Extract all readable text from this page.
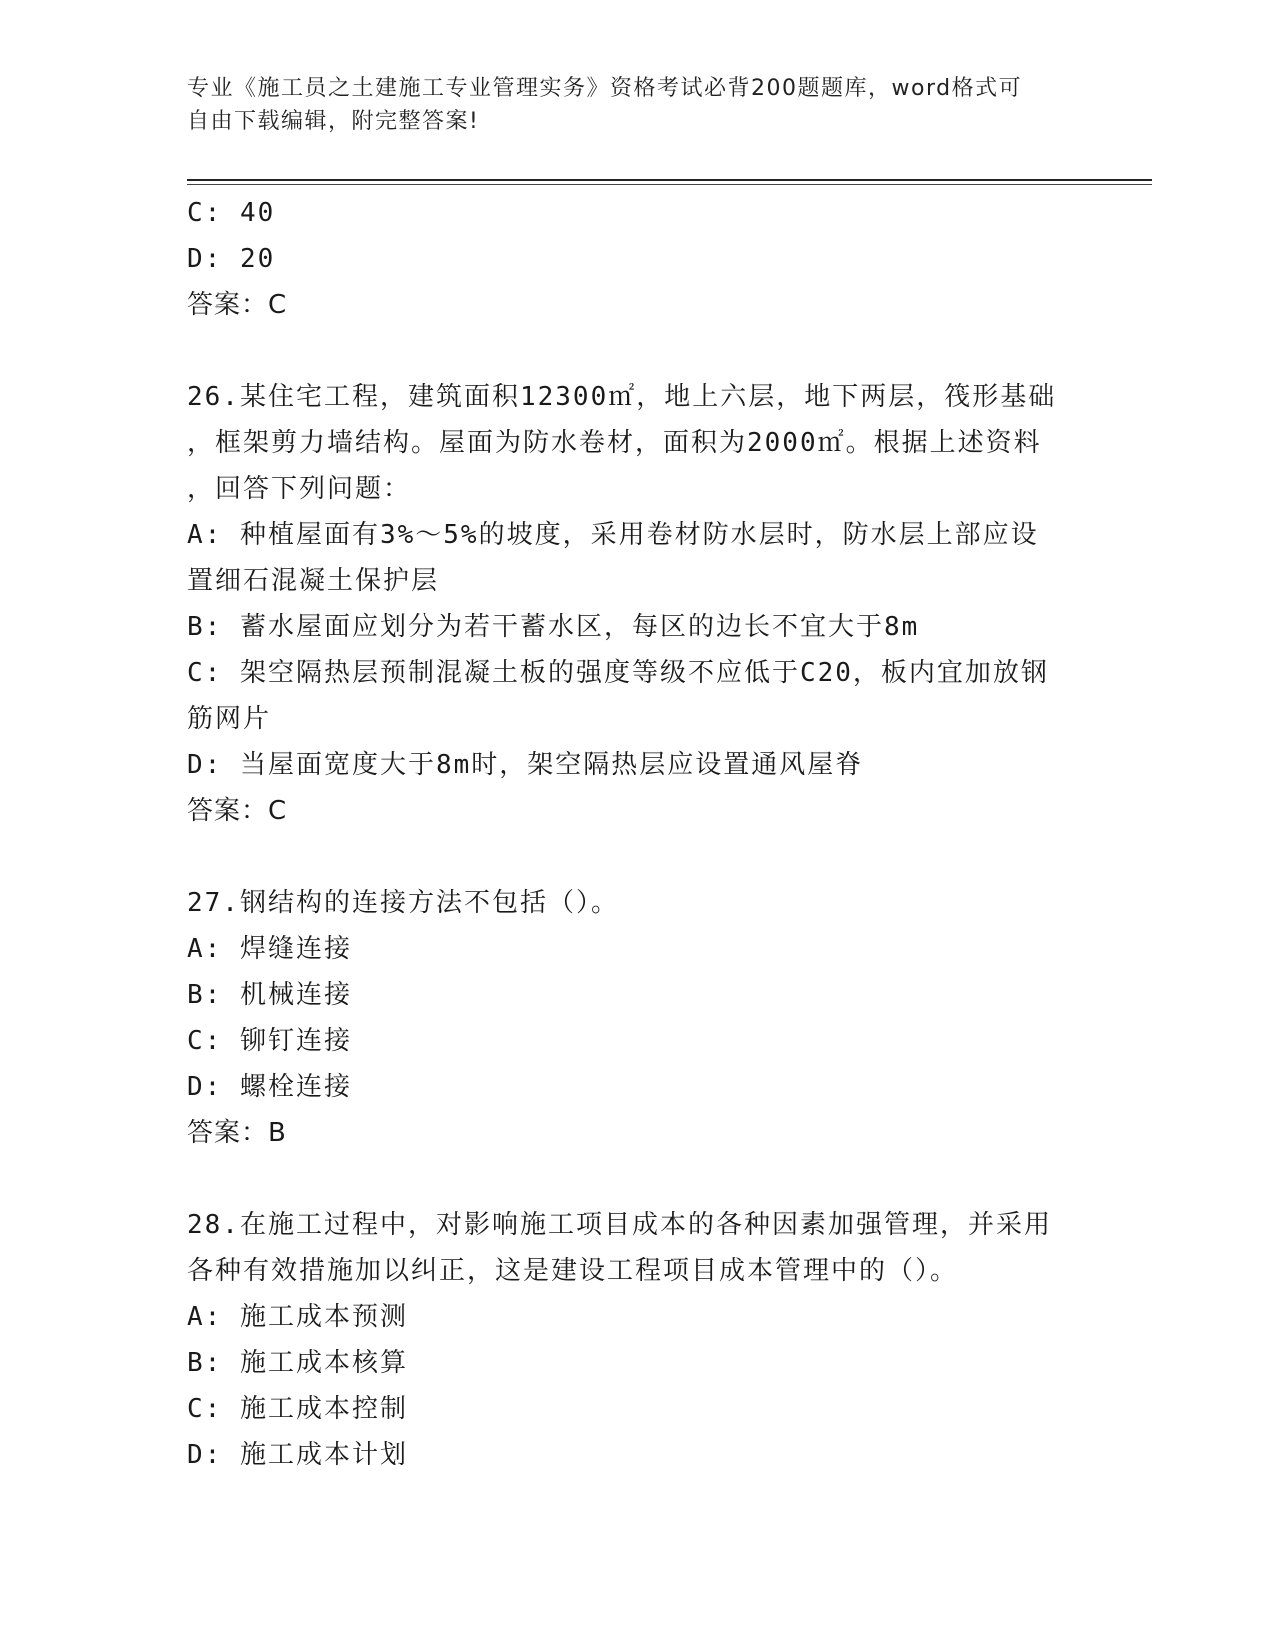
专业《施工员之土建施工专业管理实务》资格考试必背200题题库，word格式可
自由下载编辑，附完整答案!
C: 40
D: 20
答案：C
26.某住宅工程，建筑面积12300㎡，地上六层，地下两层，筏形基础
，框架剪力墙结构。屋面为防水卷材，面积为2000㎡。根据上述资料
，回答下列问题：
A: 种植屋面有3%～5%的坡度，采用卷材防水层时，防水层上部应设
置细石混凝土保护层
B: 蓄水屋面应划分为若干蓄水区，每区的边长不宜大于8m
C: 架空隔热层预制混凝土板的强度等级不应低于C20，板内宜加放钢
筋网片
D: 当屋面宽度大于8m时，架空隔热层应设置通风屋脊
答案：C
27.钢结构的连接方法不包括（）。
A: 焊缝连接
B: 机械连接
C: 铆钉连接
D: 螺栓连接
答案：B
28.在施工过程中，对影响施工项目成本的各种因素加强管理，并采用
各种有效措施加以纠正，这是建设工程项目成本管理中的（）。
A: 施工成本预测
B: 施工成本核算
C: 施工成本控制
D: 施工成本计划
